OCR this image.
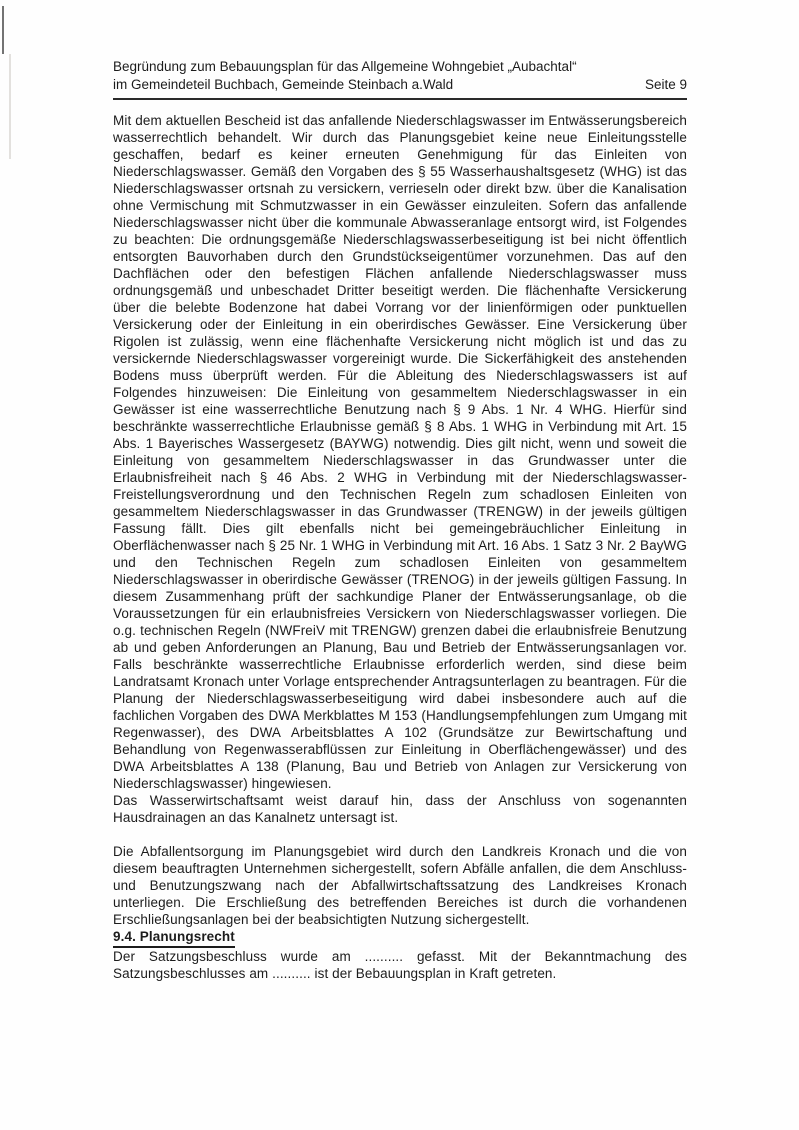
Begründung zum Bebauungsplan für das Allgemeine Wohngebiet „Aubachtal“
im Gemeindeteil Buchbach, Gemeinde Steinbach a.Wald	Seite 9

Mit dem aktuellen Bescheid ist das anfallende Niederschlagswasser im Entwässerungsbereich wasserrechtlich behandelt. Wir durch das Planungsgebiet keine neue Einleitungsstelle geschaffen, bedarf es keiner erneuten Genehmigung für das Einleiten von Niederschlagswasser. Gemäß den Vorgaben des § 55 Wasserhaushaltsgesetz (WHG) ist das Niederschlagswasser ortsnah zu versickern, verrieseln oder direkt bzw. über die Kanalisation ohne Vermischung mit Schmutzwasser in ein Gewässer einzuleiten. Sofern das anfallende Niederschlagswasser nicht über die kommunale Abwasseranlage entsorgt wird, ist Folgendes zu beachten: Die ordnungsgemäße Niederschlagswasserbeseitigung ist bei nicht öffentlich entsorgten Bauvorhaben durch den Grundstückseigentümer vorzunehmen. Das auf den Dachflächen oder den befestigen Flächen anfallende Niederschlagswasser muss ordnungsgemäß und unbeschadet Dritter beseitigt werden. Die flächenhafte Versickerung über die belebte Bodenzone hat dabei Vorrang vor der linienförmigen oder punktuellen Versickerung oder der Einleitung in ein oberirdisches Gewässer. Eine Versickerung über Rigolen ist zulässig, wenn eine flächenhafte Versickerung nicht möglich ist und das zu versickernde Niederschlagswasser vorgereinigt wurde. Die Sickerfähigkeit des anstehenden Bodens muss überprüft werden. Für die Ableitung des Niederschlagswassers ist auf Folgendes hinzuweisen: Die Einleitung von gesammeltem Niederschlagswasser in ein Gewässer ist eine wasserrechtliche Benutzung nach § 9 Abs. 1 Nr. 4 WHG. Hierfür sind beschränkte wasserrechtliche Erlaubnisse gemäß § 8 Abs. 1 WHG in Verbindung mit Art. 15 Abs. 1 Bayerisches Wassergesetz (BAYWG) notwendig. Dies gilt nicht, wenn und soweit die Einleitung von gesammeltem Niederschlagswasser in das Grundwasser unter die Erlaubnisfreiheit nach § 46 Abs. 2 WHG in Verbindung mit der Niederschlagswasser-Freistellungsverordnung und den Technischen Regeln zum schadlosen Einleiten von gesammeltem Niederschlagswasser in das Grundwasser (TRENGW) in der jeweils gültigen Fassung fällt. Dies gilt ebenfalls nicht bei gemeingebräuchlicher Einleitung in Oberflächenwasser nach § 25 Nr. 1 WHG in Verbindung mit Art. 16 Abs. 1 Satz 3 Nr. 2 BayWG und den Technischen Regeln zum schadlosen Einleiten von gesammeltem Niederschlagswasser in oberirdische Gewässer (TRENOG) in der jeweils gültigen Fassung. In diesem Zusammenhang prüft der sachkundige Planer der Entwässerungsanlage, ob die Voraussetzungen für ein erlaubnisfreies Versickern von Niederschlagswasser vorliegen. Die o.g. technischen Regeln (NWFreiV mit TRENGW) grenzen dabei die erlaubnisfreie Benutzung ab und geben Anforderungen an Planung, Bau und Betrieb der Entwässerungsanlagen vor. Falls beschränkte wasserrechtliche Erlaubnisse erforderlich werden, sind diese beim Landratsamt Kronach unter Vorlage entsprechender Antragsunterlagen zu beantragen. Für die Planung der Niederschlagswasserbeseitigung wird dabei insbesondere auch auf die fachlichen Vorgaben des DWA Merkblattes M 153 (Handlungsempfehlungen zum Umgang mit Regenwasser), des DWA Arbeitsblattes A 102 (Grundsätze zur Bewirtschaftung und Behandlung von Regenwasserabflüssen zur Einleitung in Oberflächengewässer) und des DWA Arbeitsblattes A 138 (Planung, Bau und Betrieb von Anlagen zur Versickerung von Niederschlagswasser) hingewiesen.

Das Wasserwirtschaftsamt weist darauf hin, dass der Anschluss von sogenannten Hausdrainagen an das Kanalnetz untersagt ist.

Die Abfallentsorgung im Planungsgebiet wird durch den Landkreis Kronach und die von diesem beauftragten Unternehmen sichergestellt, sofern Abfälle anfallen, die dem Anschluss- und Benutzungszwang nach der Abfallwirtschaftssatzung des Landkreises Kronach unterliegen. Die Erschließung des betreffenden Bereiches ist durch die vorhandenen Erschließungsanlagen bei der beabsichtigten Nutzung sichergestellt.

9.4. Planungsrecht

Der Satzungsbeschluss wurde am .......... gefasst. Mit der Bekanntmachung des Satzungsbeschlusses am .......... ist der Bebauungsplan in Kraft getreten.
